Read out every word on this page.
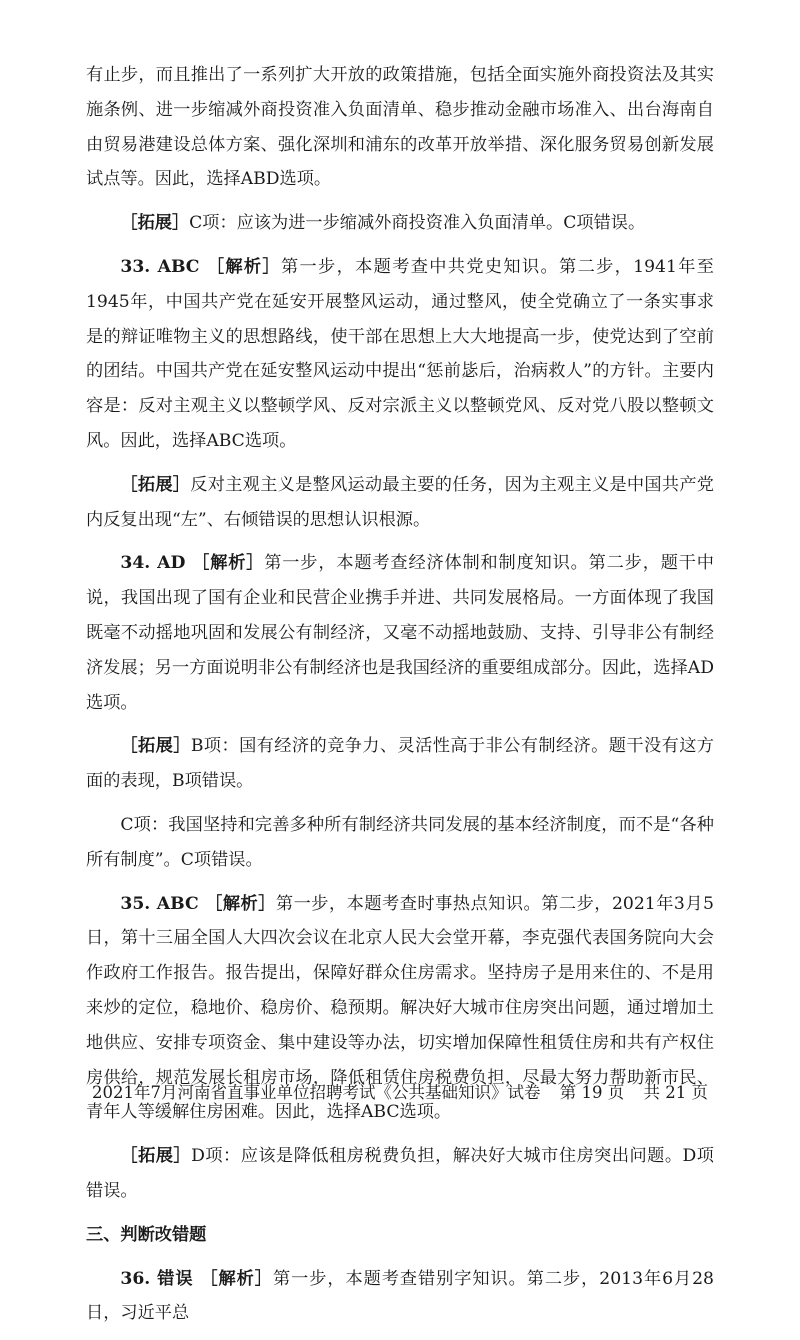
有止步，而且推出了一系列扩大开放的政策措施，包括全面实施外商投资法及其实施条例、进一步缩减外商投资准入负面清单、稳步推动金融市场准入、出台海南自由贸易港建设总体方案、强化深圳和浦东的改革开放举措、深化服务贸易创新发展试点等。因此，选择ABD选项。

［拓展］C项：应该为进一步缩减外商投资准入负面清单。C项错误。

33. ABC ［解析］第一步，本题考查中共党史知识。第二步，1941年至1945年，中国共产党在延安开展整风运动，通过整风，使全党确立了一条实事求是的辩证唯物主义的思想路线，使干部在思想上大大地提高一步，使党达到了空前的团结。中国共产党在延安整风运动中提出“惩前毖后，治病救人”的方针。主要内容是：反对主观主义以整顿学风、反对宗派主义以整顿党风、反对党八股以整顿文风。因此，选择ABC选项。

［拓展］反对主观主义是整风运动最主要的任务，因为主观主义是中国共产党内反复出现“左”、右倾错误的思想认识根源。

34. AD ［解析］第一步，本题考查经济体制和制度知识。第二步，题干中说，我国出现了国有企业和民营企业携手并进、共同发展格局。一方面体现了我国既毫不动摇地巩固和发展公有制经济，又毫不动摇地鼓励、支持、引导非公有制经济发展；另一方面说明非公有制经济也是我国经济的重要组成部分。因此，选择AD选项。

［拓展］B项：国有经济的竞争力、灵活性高于非公有制经济。题干没有这方面的表现，B项错误。

C项：我国坚持和完善多种所有制经济共同发展的基本经济制度，而不是“各种所有制度”。C项错误。

35. ABC ［解析］第一步，本题考查时事热点知识。第二步，2021年3月5日，第十三届全国人大四次会议在北京人民大会堂开幕，李克强代表国务院向大会作政府工作报告。报告提出，保障好群众住房需求。坚持房子是用来住的、不是用来炒的定位，稳地价、稳房价、稳预期。解决好大城市住房突出问题，通过增加土地供应、安排专项资金、集中建设等办法，切实增加保障性租赁住房和共有产权住房供给，规范发展长租房市场，降低租赁住房税费负担，尽最大努力帮助新市民、青年人等缓解住房困难。因此，选择ABC选项。

［拓展］D项：应该是降低租房税费负担，解决好大城市住房突出问题。D项错误。

三、判断改错题

36. 错误 ［解析］第一步，本题考查错别字知识。第二步，2013年6月28日，习近平总

2021年7月河南省直事业单位招聘考试《公共基础知识》试卷 第 19 页 共 21 页
